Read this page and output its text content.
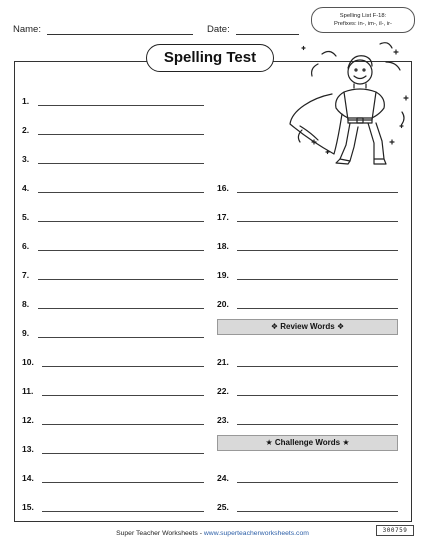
Name:	Date:
Spelling List F-18:
Prefixes: in-, im-, il-, ir-
Spelling Test
1.
2.
3.
4.
5.
6.
7.
8.
9.
10.
11.
12.
13.
14.
15.
16.
17.
18.
19.
20.
❖ Review Words ❖
21.
22.
23.
★ Challenge Words ★
24.
25.
Super Teacher Worksheets - www.superteacherworksheets.com	300759
